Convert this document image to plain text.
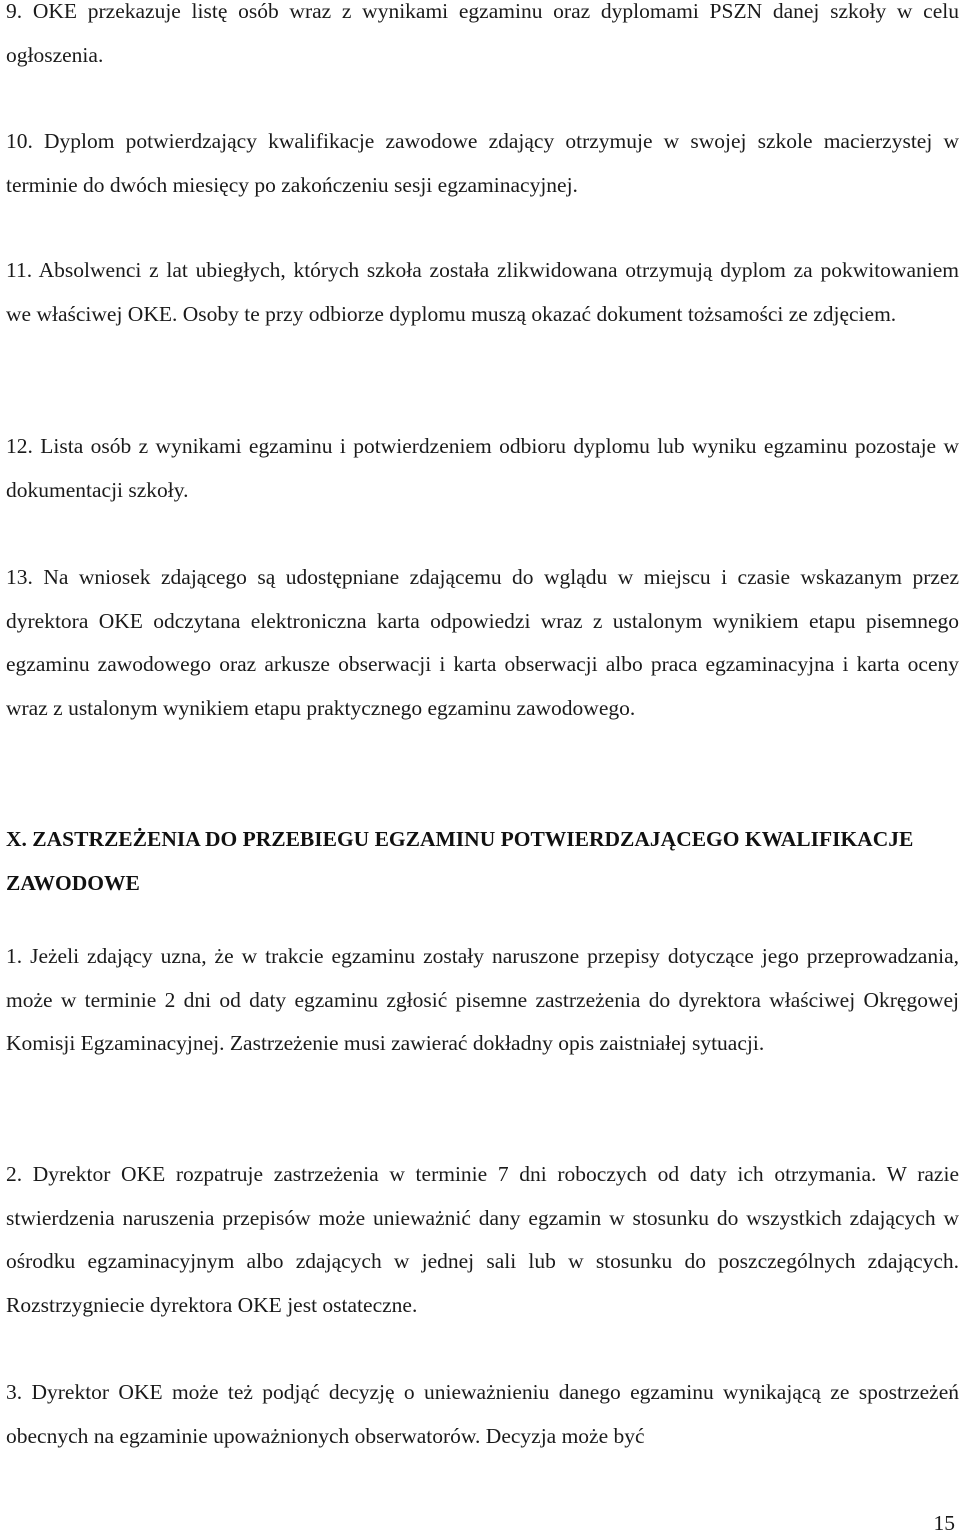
9. OKE przekazuje listę osób wraz z wynikami egzaminu oraz dyplomami PSZN danej szkoły w celu ogłoszenia.

10. Dyplom potwierdzający kwalifikacje zawodowe zdający otrzymuje w swojej szkole macierzystej w terminie do dwóch miesięcy po zakończeniu sesji egzaminacyjnej.

11. Absolwenci z lat ubiegłych, których szkoła została zlikwidowana otrzymują dyplom za pokwitowaniem we właściwej OKE. Osoby te przy odbiorze dyplomu muszą okazać dokument tożsamości ze zdjęciem.

12. Lista osób z wynikami egzaminu i potwierdzeniem odbioru dyplomu lub wyniku egzaminu pozostaje w dokumentacji szkoły.

13. Na wniosek zdającego są udostępniane zdającemu do wglądu w miejscu i czasie wskazanym przez dyrektora OKE odczytana elektroniczna karta odpowiedzi wraz z ustalonym wynikiem etapu pisemnego egzaminu zawodowego oraz arkusze obserwacji i karta obserwacji albo praca egzaminacyjna i karta oceny wraz z ustalonym wynikiem etapu praktycznego egzaminu zawodowego.

X. ZASTRZEŻENIA DO PRZEBIEGU EGZAMINU POTWIERDZAJĄCEGO KWALIFIKACJE ZAWODOWE

1. Jeżeli zdający uzna, że w trakcie egzaminu zostały naruszone przepisy dotyczące jego przeprowadzania, może w terminie 2 dni od daty egzaminu zgłosić pisemne zastrzeżenia do dyrektora właściwej Okręgowej Komisji Egzaminacyjnej. Zastrzeżenie musi zawierać dokładny opis zaistniałej sytuacji.

2. Dyrektor OKE rozpatruje zastrzeżenia w terminie 7 dni roboczych od daty ich otrzymania. W razie stwierdzenia naruszenia przepisów może unieważnić dany egzamin w stosunku do wszystkich zdających w ośrodku egzaminacyjnym albo zdających w jednej sali lub w stosunku do poszczególnych zdających. Rozstrzygniecie dyrektora OKE jest ostateczne.

3. Dyrektor OKE może też podjąć decyzję o unieważnieniu danego egzaminu wynikającą ze spostrzeżeń obecnych na egzaminie upoważnionych obserwatorów. Decyzja może być

15
